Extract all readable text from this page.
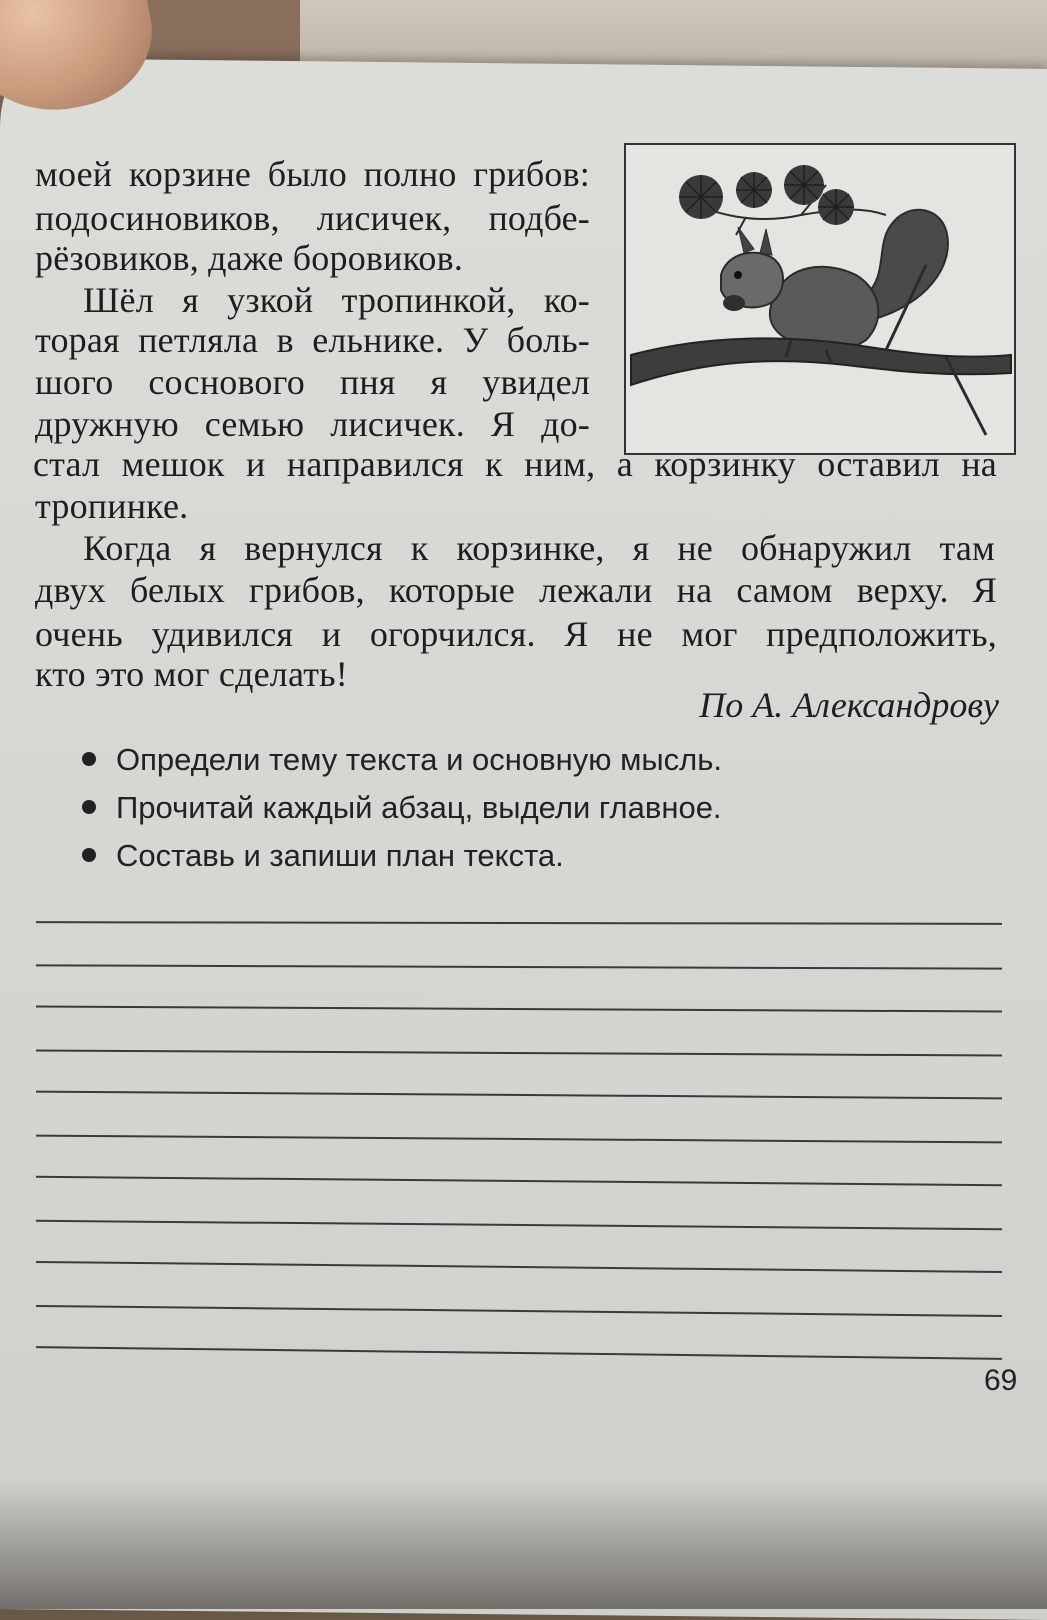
моей корзине было полно грибов:
подосиновиков, лисичек, подбе-
рёзовиков, даже боровиков.
Шёл я узкой тропинкой, ко-
торая петляла в ельнике. У боль-
шого соснового пня я увидел
дружную семью лисичек. Я до-
стал мешок и направился к ним, а корзинку оставил на
тропинке.
Когда я вернулся к корзинке, я не обнаружил там
двух белых грибов, которые лежали на самом верху. Я
очень удивился и огорчился. Я не мог предположить,
кто это мог сделать!
По А. Александрову
Определи тему текста и основную мысль.
Прочитай каждый абзац, выдели главное.
Составь и запиши план текста.
69
